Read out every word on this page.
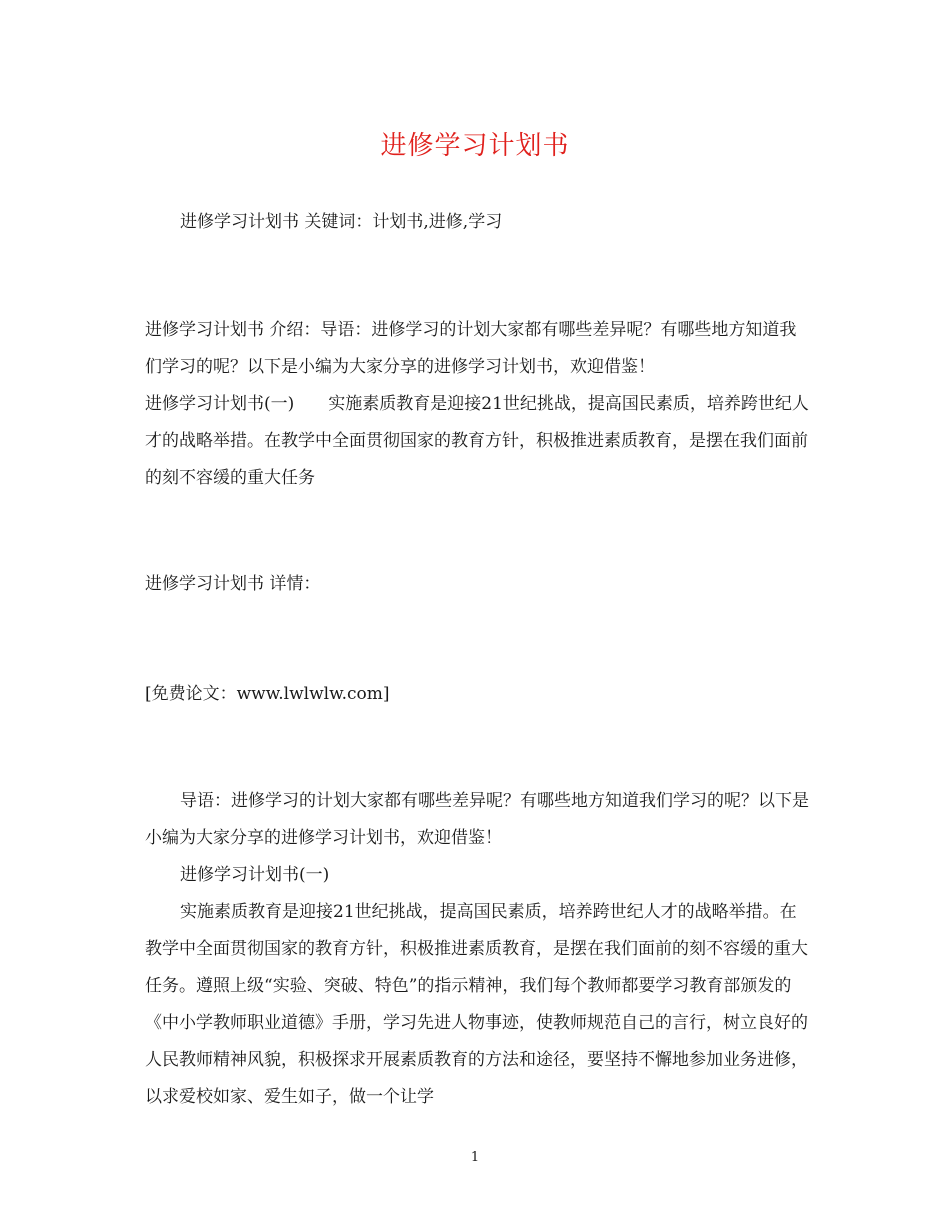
进修学习计划书

进修学习计划书 关键词：计划书,进修,学习

进修学习计划书 介绍：导语：进修学习的计划大家都有哪些差异呢？有哪些地方知道我们学习的呢？以下是小编为大家分享的进修学习计划书，欢迎借鉴！

进修学习计划书(一)　　实施素质教育是迎接21世纪挑战，提高国民素质，培养跨世纪人才的战略举措。在教学中全面贯彻国家的教育方针，积极推进素质教育，是摆在我们面前的刻不容缓的重大任务

进修学习计划书 详情：

[免费论文：www.lwlwlw.com]

导语：进修学习的计划大家都有哪些差异呢？有哪些地方知道我们学习的呢？以下是小编为大家分享的进修学习计划书，欢迎借鉴！

进修学习计划书(一)

实施素质教育是迎接21世纪挑战，提高国民素质，培养跨世纪人才的战略举措。在教学中全面贯彻国家的教育方针，积极推进素质教育，是摆在我们面前的刻不容缓的重大任务。遵照上级“实验、突破、特色”的指示精神，我们每个教师都要学习教育部颁发的《中小学教师职业道德》手册，学习先进人物事迹，使教师规范自己的言行，树立良好的人民教师精神风貌，积极探求开展素质教育的方法和途径，要坚持不懈地参加业务进修，以求爱校如家、爱生如子，做一个让学

1
